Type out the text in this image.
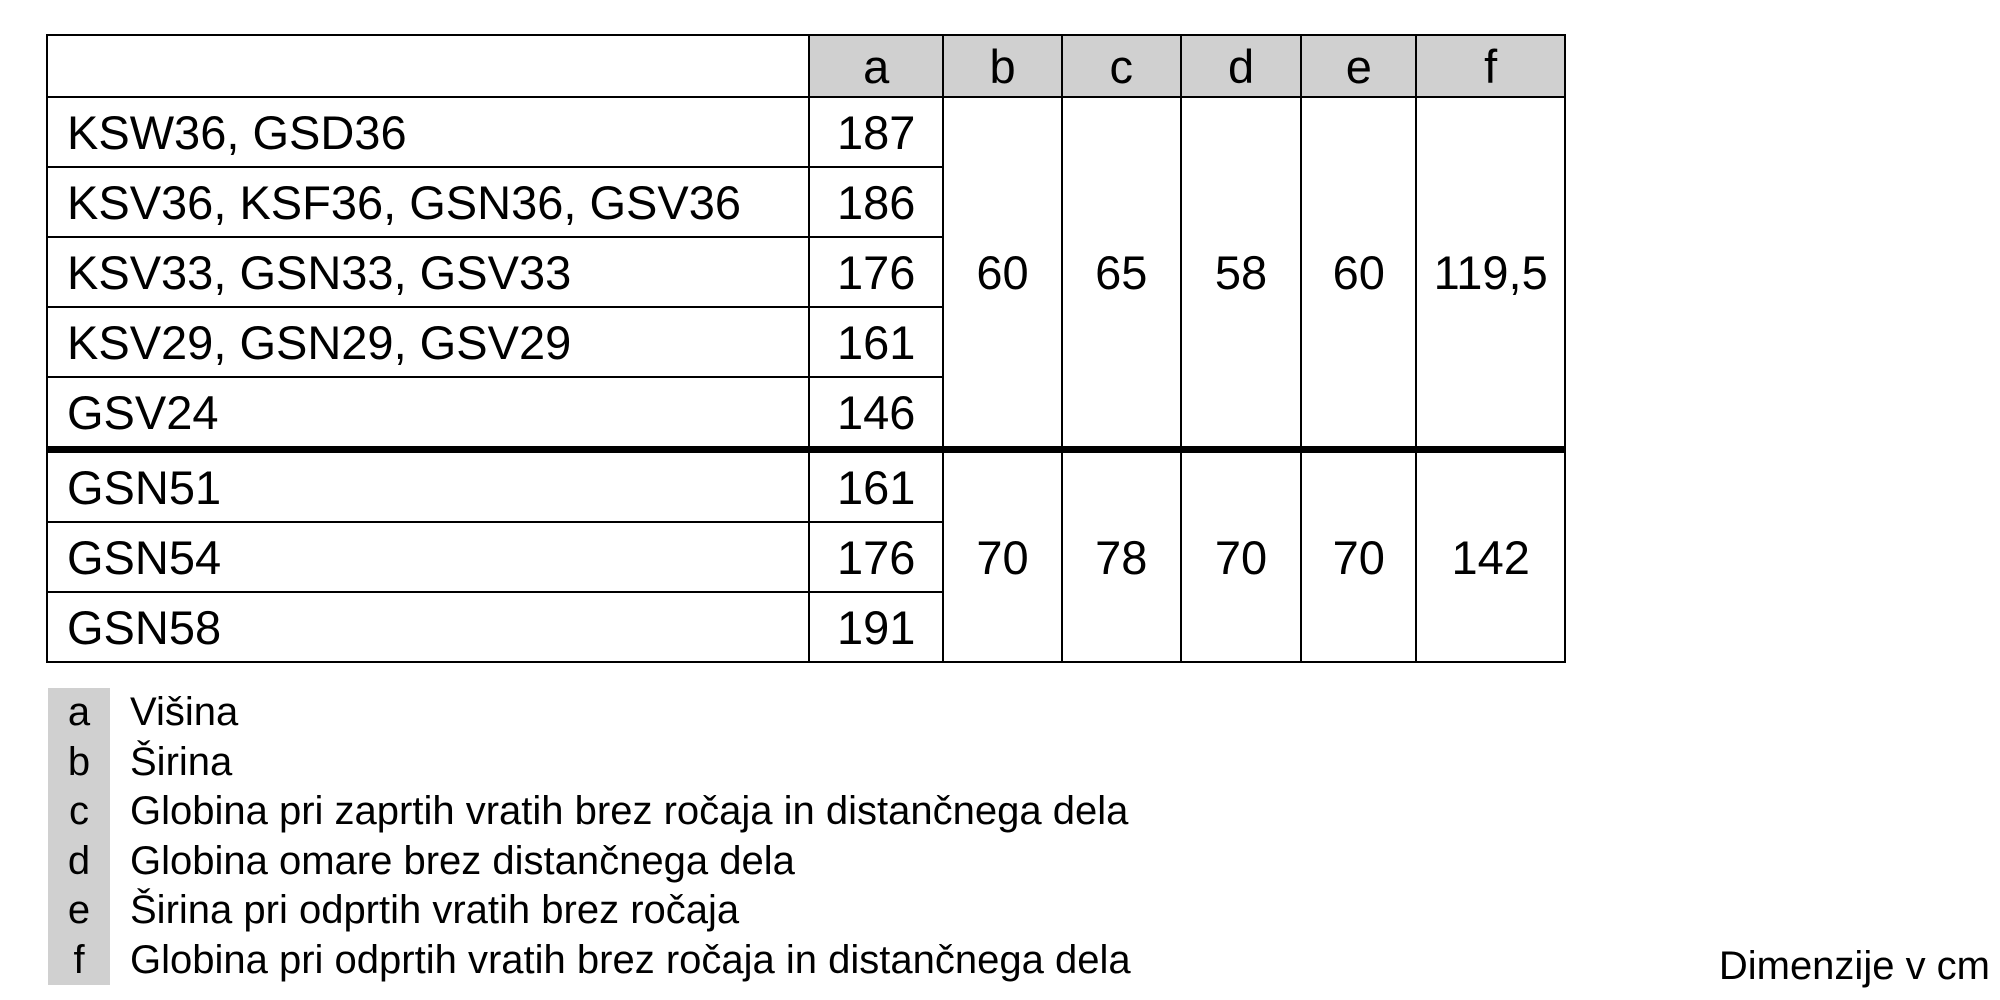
	a	b	c	d	e	f
KSW36, GSD36	187	60	65	58	60	119,5
KSV36, KSF36, GSN36, GSV36	186					
KSV33, GSN33, GSV33	176					
KSV29, GSN29, GSV29	161					
GSV24	146					
GSN51	161	70	78	70	70	142
GSN54	176					
GSN58	191					
a Višina
b Širina
c	Globina pri zaprtih vratih brez ročaja in distančnega dela
d Globina omare brez distančnega dela
e Širina pri odprtih vratih brez ročaja
f	Globina pri odprtih vratih brez ročaja in distančnega dela	Dimenzije v cm
